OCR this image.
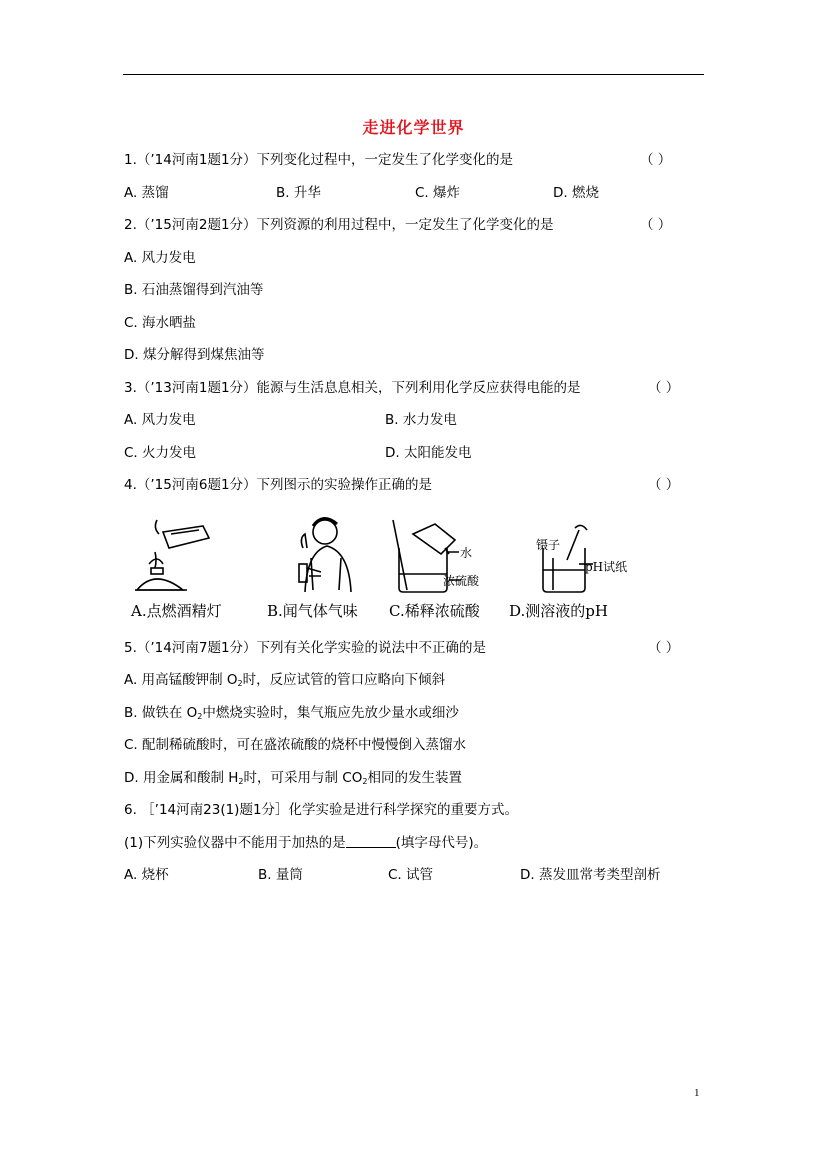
走进化学世界
1.（’14河南1题1分）下列变化过程中，一定发生了化学变化的是	（ ）
A. 蒸馏	B. 升华	C. 爆炸	D. 燃烧
2.（’15河南2题1分）下列资源的利用过程中，一定发生了化学变化的是	（ ）
A. 风力发电
B. 石油蒸馏得到汽油等
C. 海水晒盐
D. 煤分解得到煤焦油等
3.（’13河南1题1分）能源与生活息息相关，下列利用化学反应获得电能的是	（ ）
A. 风力发电	B. 水力发电
C. 火力发电	D. 太阳能发电
4.（’15河南6题1分）下列图示的实验操作正确的是	（ ）
水
浓硫酸
镊子
pH试纸
A.点燃酒精灯	B.闻气体气味 C.稀释浓硫酸 D.测溶液的pH
5.（’14河南7题1分）下列有关化学实验的说法中不正确的是	（ ）
A. 用高锰酸钾制 $O_2$时，反应试管的管口应略向下倾斜
B. 做铁在 $O_2$中燃烧实验时，集气瓶应先放少量水或细沙
C. 配制稀硫酸时，可在盛浓硫酸的烧杯中慢慢倒入蒸馏水
D. 用金属和酸制 $H_2$时，可采用与制 $CO_2$相同的发生装置
6. ［’14河南23(1)题1分］化学实验是进行科学探究的重要方式。
(1)下列实验仪器中不能用于加热的是	(填字母代号)。
A. 烧杯	B. 量筒	C. 试管	D. 蒸发皿常考类型剖析
1
